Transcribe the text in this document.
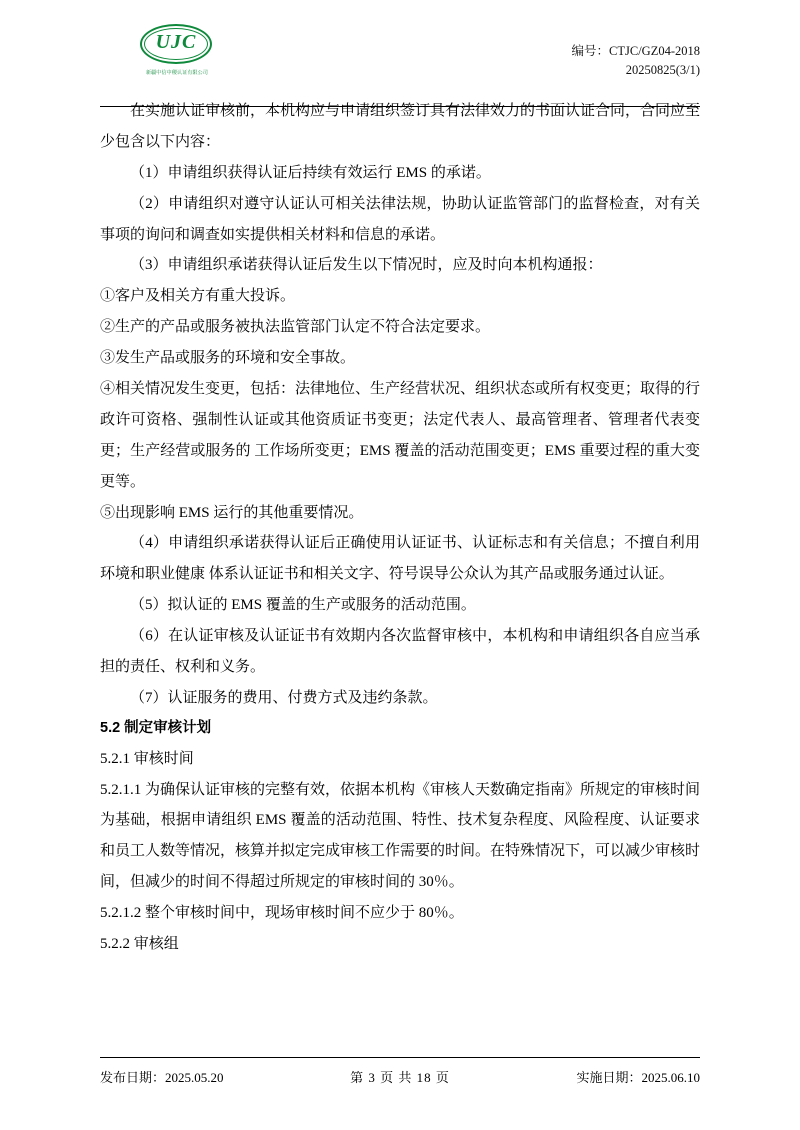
UJC
新疆中信中稷认证有限公司
编号：CTJC/GZ04-2018
20250825(3/1)

在实施认证审核前，本机构应与申请组织签订具有法律效力的书面认证合同，合同应至少包含以下内容：

（1）申请组织获得认证后持续有效运行 EMS 的承诺。

（2）申请组织对遵守认证认可相关法律法规，协助认证监管部门的监督检查，对有关事项的询问和调查如实提供相关材料和信息的承诺。

（3）申请组织承诺获得认证后发生以下情况时，应及时向本机构通报：

①客户及相关方有重大投诉。

②生产的产品或服务被执法监管部门认定不符合法定要求。

③发生产品或服务的环境和安全事故。

④相关情况发生变更，包括：法律地位、生产经营状况、组织状态或所有权变更；取得的行政许可资格、强制性认证或其他资质证书变更；法定代表人、最高管理者、管理者代表变更；生产经营或服务的 工作场所变更；EMS 覆盖的活动范围变更；EMS 重要过程的重大变更等。

⑤出现影响 EMS 运行的其他重要情况。

（4）申请组织承诺获得认证后正确使用认证证书、认证标志和有关信息；不擅自利用环境和职业健康 体系认证证书和相关文字、符号误导公众认为其产品或服务通过认证。

（5）拟认证的 EMS 覆盖的生产或服务的活动范围。

（6）在认证审核及认证证书有效期内各次监督审核中，本机构和申请组织各自应当承担的责任、权利和义务。

（7）认证服务的费用、付费方式及违约条款。

5.2 制定审核计划

5.2.1 审核时间

5.2.1.1 为确保认证审核的完整有效，依据本机构《审核人天数确定指南》所规定的审核时间为基础，根据申请组织 EMS 覆盖的活动范围、特性、技术复杂程度、风险程度、认证要求和员工人数等情况，核算并拟定完成审核工作需要的时间。在特殊情况下，可以减少审核时间，但减少的时间不得超过所规定的审核时间的 30％。

5.2.1.2 整个审核时间中，现场审核时间不应少于 80％。

5.2.2 审核组

发布日期：2025.05.20	第 3 页 共 18 页	实施日期：2025.06.10
